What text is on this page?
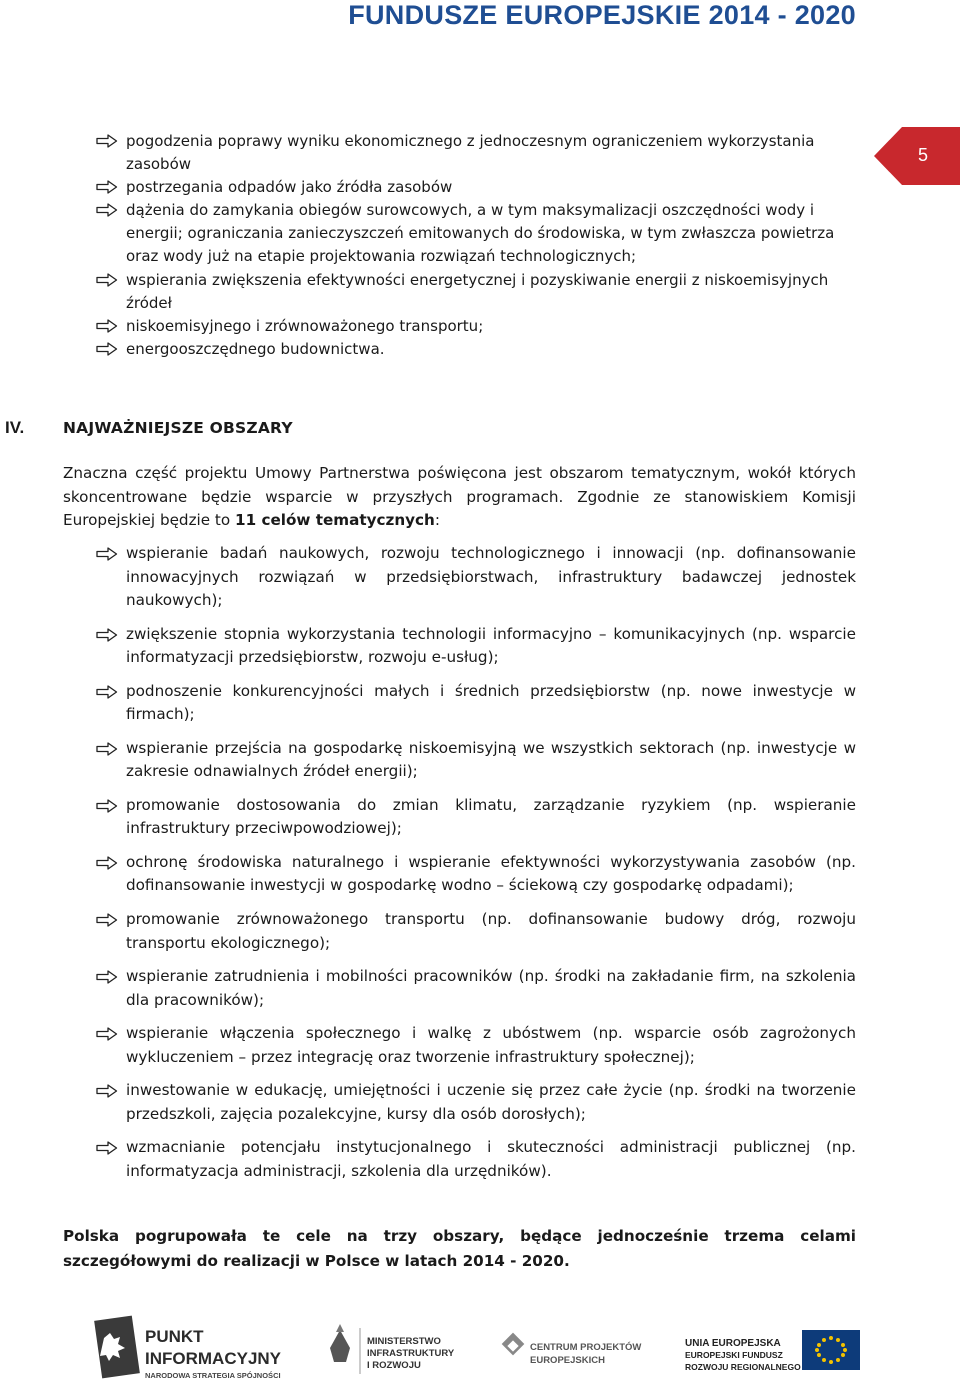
FUNDUSZE EUROPEJSKIE 2014 - 2020
5
pogodzenia poprawy wyniku ekonomicznego z jednoczesnym ograniczeniem wykorzystania zasobów
postrzegania odpadów jako źródła zasobów
dążenia do zamykania obiegów surowcowych, a w tym maksymalizacji oszczędności wody i energii; ograniczania zanieczyszczeń emitowanych do środowiska, w tym zwłaszcza powietrza oraz wody już na etapie projektowania rozwiązań technologicznych;
wspierania zwiększenia efektywności energetycznej i pozyskiwanie energii z niskoemisyjnych źródeł
niskoemisyjnego i zrównoważonego transportu;
energooszczędnego budownictwa.
IV.	NAJWAŻNIEJSZE OBSZARY

Znaczna część projektu Umowy Partnerstwa poświęcona jest obszarom tematycznym, wokół których skoncentrowane będzie wsparcie w przyszłych programach. Zgodnie ze stanowiskiem Komisji Europejskiej będzie to 11 celów tematycznych:

wspieranie badań naukowych, rozwoju technologicznego i innowacji (np. dofinansowanie innowacyjnych rozwiązań w przedsiębiorstwach, infrastruktury badawczej jednostek naukowych);
zwiększenie stopnia wykorzystania technologii informacyjno – komunikacyjnych (np. wsparcie informatyzacji przedsiębiorstw, rozwoju e-usług);
podnoszenie konkurencyjności małych i średnich przedsiębiorstw (np. nowe inwestycje w firmach);
wspieranie przejścia na gospodarkę niskoemisyjną we wszystkich sektorach (np. inwestycje w zakresie odnawialnych źródeł energii);
promowanie dostosowania do zmian klimatu, zarządzanie ryzykiem (np. wspieranie infrastruktury przeciwpowodziowej);
ochronę środowiska naturalnego i wspieranie efektywności wykorzystywania zasobów (np. dofinansowanie inwestycji w gospodarkę wodno – ściekową czy gospodarkę odpadami);
promowanie zrównoważonego transportu (np. dofinansowanie budowy dróg, rozwoju transportu ekologicznego);
wspieranie zatrudnienia i mobilności pracowników (np. środki na zakładanie firm, na szkolenia dla pracowników);
wspieranie włączenia społecznego i walkę z ubóstwem (np. wsparcie osób zagrożonych wykluczeniem – przez integrację oraz tworzenie infrastruktury społecznej);
inwestowanie w edukację, umiejętności i uczenie się przez całe życie (np. środki na tworzenie przedszkoli, zajęcia pozalekcyjne, kursy dla osób dorosłych);
wzmacnianie potencjału instytucjonalnego i skuteczności administracji publicznej (np. informatyzacja administracji, szkolenia dla urzędników).

Polska pogrupowała te cele na trzy obszary, będące jednocześnie trzema celami szczegółowymi do realizacji w Polsce w latach 2014 - 2020.

PUNKT
INFORMACYJNY
NARODOWA STRATEGIA SPÓJNOŚCI
MINISTERSTWO
INFRASTRUKTURY
I ROZWOJU
CENTRUM PROJEKTÓW
EUROPEJSKICH
UNIA EUROPEJSKA
EUROPEJSKI FUNDUSZ
ROZWOJU REGIONALNEGO
